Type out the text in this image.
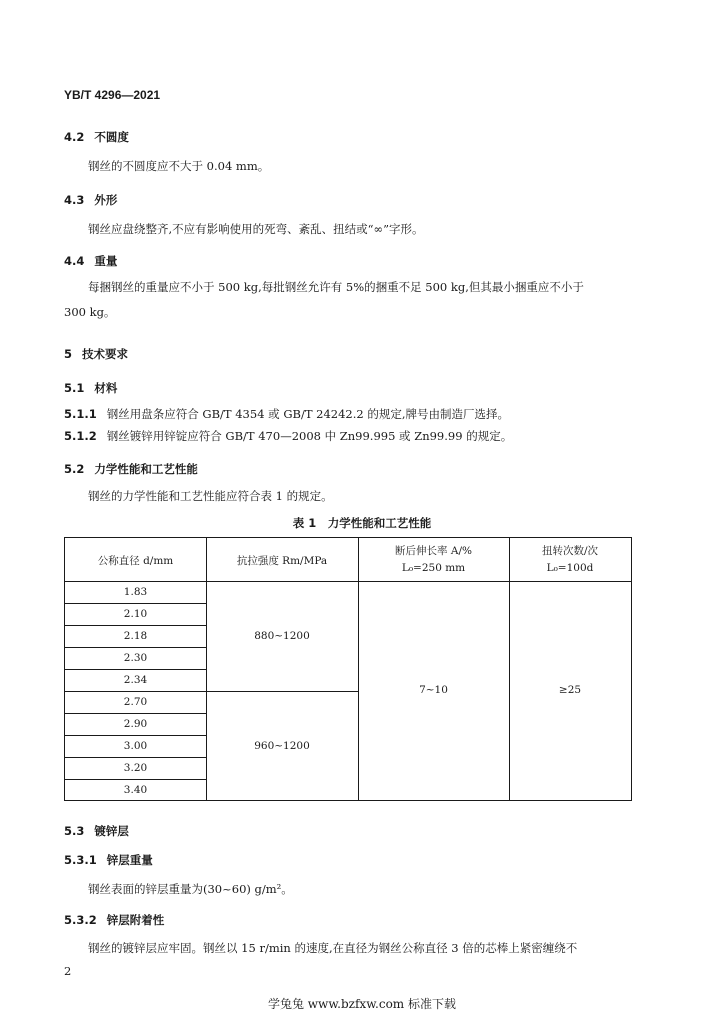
YB/T 4296—2021
4.2 不圆度
钢丝的不圆度应不大于 0.04 mm。
4.3 外形
钢丝应盘绕整齐,不应有影响使用的死弯、紊乱、扭结或“∞”字形。
4.4 重量
每捆钢丝的重量应不小于 500 kg,每批钢丝允许有 5%的捆重不足 500 kg,但其最小捆重应不小于
300 kg。
5 技术要求
5.1 材料
5.1.1 钢丝用盘条应符合 GB/T 4354 或 GB/T 24242.2 的规定,牌号由制造厂选择。
5.1.2 钢丝镀锌用锌锭应符合 GB/T 470—2008 中 Zn99.995 或 Zn99.99 的规定。
5.2 力学性能和工艺性能
钢丝的力学性能和工艺性能应符合表 1 的规定。
表 1　力学性能和工艺性能
公称直径 d/mm	抗拉强度 Rm/MPa
断后伸长率 A/%
L₀=250 mm
扭转次数/次
L₀=100d
1.83
2.10
2.18
2.30
2.34
2.70
2.90
3.00
3.20
3.40
880~1200
960~1200
7~10	≥25
5.3 镀锌层
5.3.1 锌层重量
钢丝表面的锌层重量为(30~60) g/m²。
5.3.2 锌层附着性
钢丝的镀锌层应牢固。钢丝以 15 r/min 的速度,在直径为钢丝公称直径 3 倍的芯棒上紧密缠绕不
2
学兔兔 www.bzfxw.com 标准下载
